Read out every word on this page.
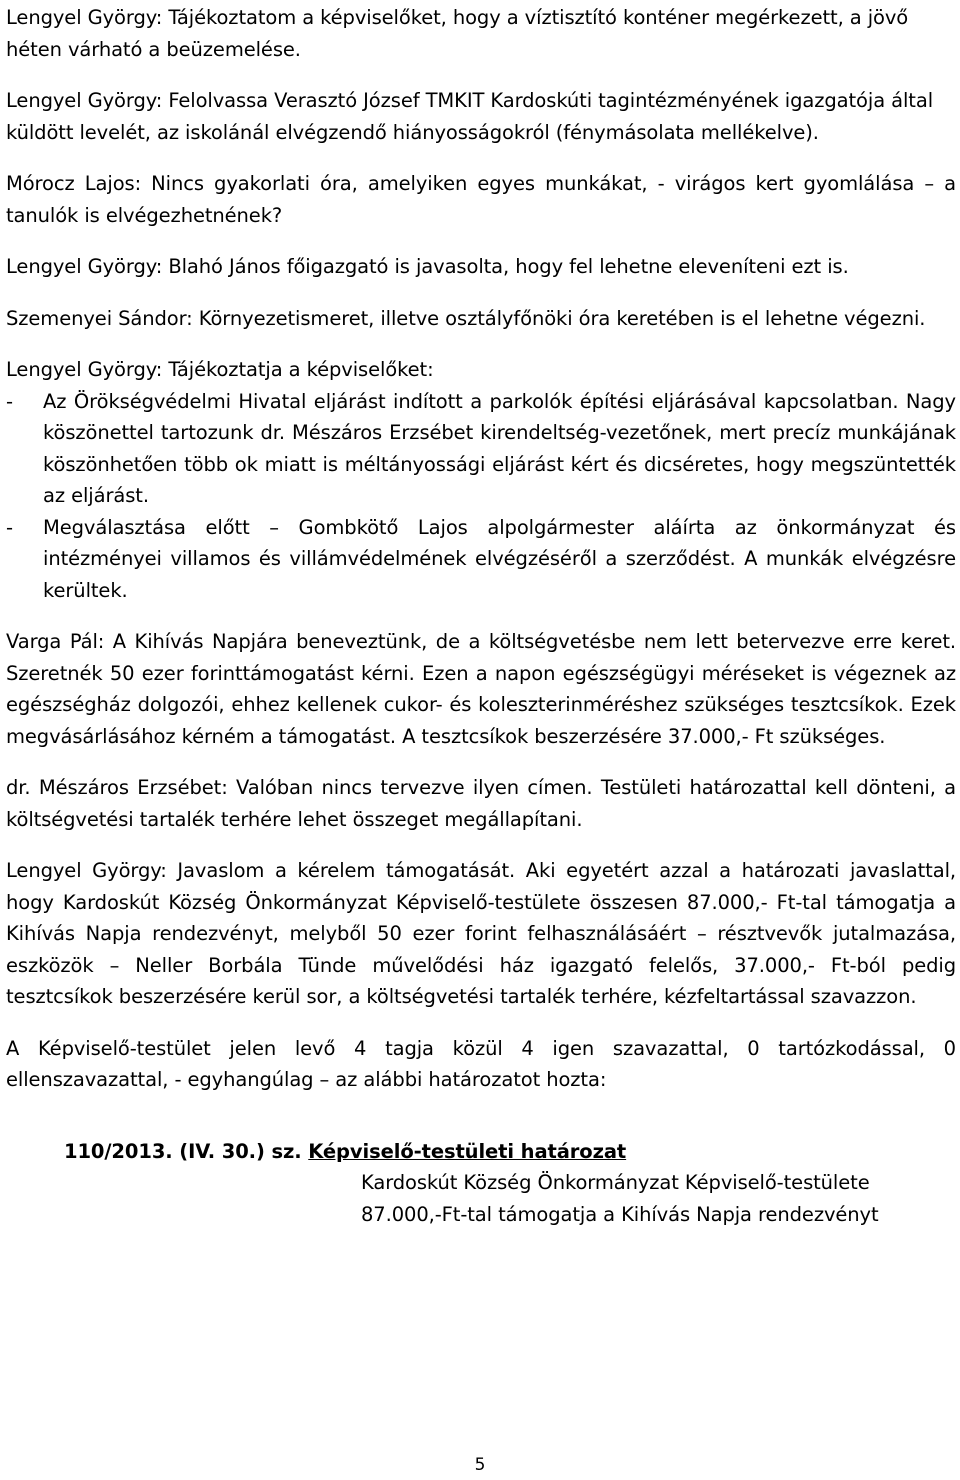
Lengyel György: Tájékoztatom a képviselőket, hogy a víztisztító konténer megérkezett, a jövő héten várható a beüzemelése.

Lengyel György: Felolvassa Verasztó József TMKIT Kardoskúti tagintézményének igazgatója által küldött levelét, az iskolánál elvégzendő hiányosságokról (fénymásolata mellékelve).

Mórocz Lajos: Nincs gyakorlati óra, amelyiken egyes munkákat, - virágos kert gyomlálása – a tanulók is elvégezhetnének?

Lengyel György: Blahó János főigazgató is javasolta, hogy fel lehetne eleveníteni ezt is.

Szemenyei Sándor: Környezetismeret, illetve osztályfőnöki óra keretében is el lehetne végezni.

Lengyel György: Tájékoztatja a képviselőket:
- Az Örökségvédelmi Hivatal eljárást indított a parkolók építési eljárásával kapcsolatban. Nagy köszönettel tartozunk dr. Mészáros Erzsébet kirendeltség-vezetőnek, mert precíz munkájának köszönhetően több ok miatt is méltányossági eljárást kért és dicséretes, hogy megszüntették az eljárást.
- Megválasztása előtt – Gombkötő Lajos alpolgármester aláírta az önkormányzat és intézményei villamos és villámvédelmének elvégzéséről a szerződést. A munkák elvégzésre kerültek.

Varga Pál: A Kihívás Napjára beneveztünk, de a költségvetésbe nem lett betervezve erre keret. Szeretnék 50 ezer forinttámogatást kérni. Ezen a napon egészségügyi méréseket is végeznek az egészségház dolgozói, ehhez kellenek cukor- és koleszterinméréshez szükséges tesztcsíkok. Ezek megvásárlásához kérném a támogatást. A tesztcsíkok beszerzésére 37.000,- Ft szükséges.

dr. Mészáros Erzsébet: Valóban nincs tervezve ilyen címen. Testületi határozattal kell dönteni, a költségvetési tartalék terhére lehet összeget megállapítani.

Lengyel György: Javaslom a kérelem támogatását. Aki egyetért azzal a határozati javaslattal, hogy Kardoskút Község Önkormányzat Képviselő-testülete összesen 87.000,- Ft-tal támogatja a Kihívás Napja rendezvényt, melyből 50 ezer forint felhasználásáért – résztvevők jutalmazása, eszközök – Neller Borbála Tünde művelődési ház igazgató felelős, 37.000,- Ft-ból pedig tesztcsíkok beszerzésére kerül sor, a költségvetési tartalék terhére, kézfeltartással szavazzon.

A Képviselő-testület jelen levő 4 tagja közül 4 igen szavazattal, 0 tartózkodással, 0 ellenszavazattal, - egyhangúlag – az alábbi határozatot hozta:

110/2013. (IV. 30.) sz. Képviselő-testületi határozat
Kardoskút Község Önkormányzat Képviselő-testülete
87.000,-Ft-tal támogatja a Kihívás Napja rendezvényt
5
